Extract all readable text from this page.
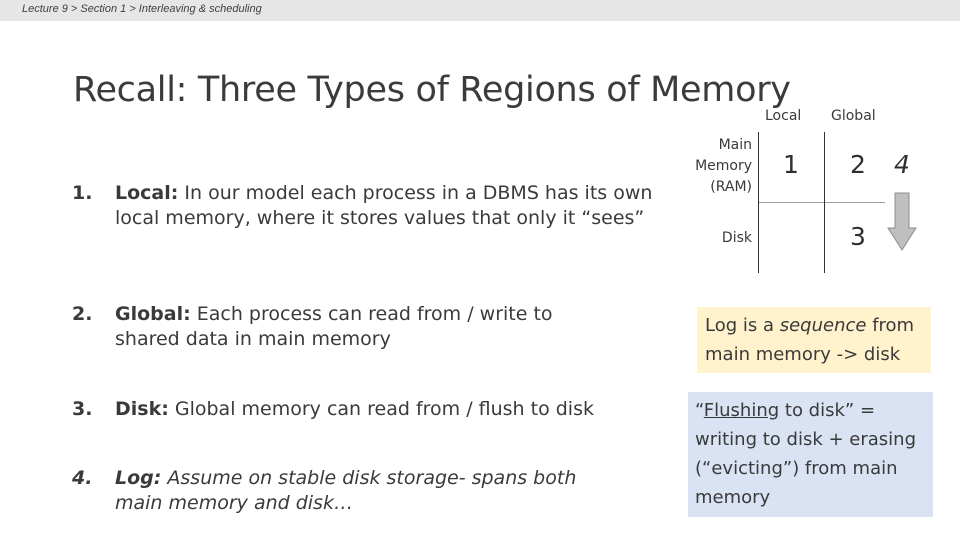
Lecture 9 > Section 1 > Interleaving & scheduling
Recall: Three Types of Regions of Memory
1. Local: In our model each process in a DBMS has its own local memory, where it stores values that only it “sees”
2. Global: Each process can read from / write to shared data in main memory
3. Disk: Global memory can read from / flush to disk
4. Log: Assume on stable disk storage- spans both main memory and disk…
Local Global
Main Memory (RAM)
Disk
1 2
3
4
Log is a sequence from main memory -> disk
“Flushing to disk” = writing to disk + erasing (“evicting”) from main memory
